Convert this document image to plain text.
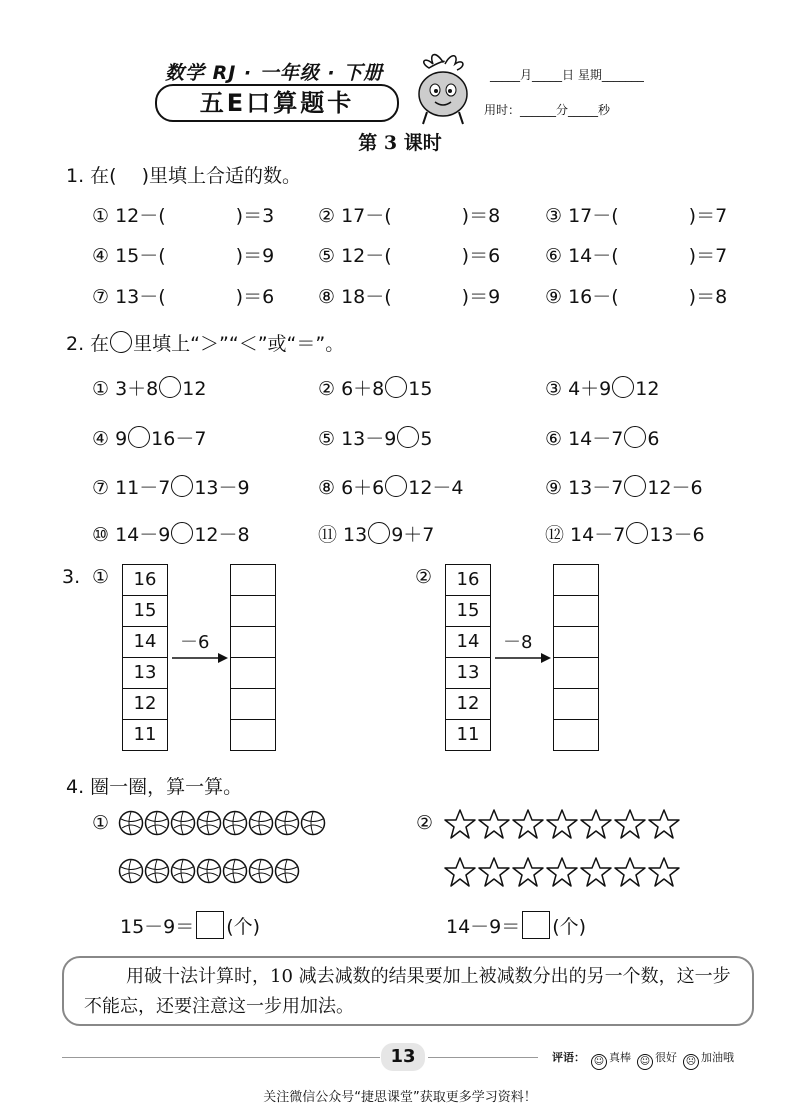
数学 RJ · 一年级 · 下册
五E口算题卡
_____月_____日 星期_______
用时：______分_____秒
第 3 课时
1. 在(　 )里填上合适的数。
① 12－(	)＝3 ② 17－(	)＝8 ③ 17－(	)＝7
④ 15－(	)＝9 ⑤ 12－(	)＝6 ⑥ 14－(	)＝7
⑦ 13－(	)＝6 ⑧ 18－(	)＝9 ⑨ 16－(	)＝8
2. 在 里填上“＞”“＜”或“＝”。
① 3＋8 12	② 6＋8 15	③ 4＋9 12
④ 9 16－7	⑤ 13－9 5	⑥ 14－7 6
⑦ 11－7 13－9	⑧ 6＋6 12－4	⑨ 13－7 12－6
⑩ 14－9 12－8	⑪ 13 9＋7	⑫ 14－7 13－6
3. ①	16
15
14
13
12
11
－6
②	16
15
14
13
12
11
－8
4. 圈一圈，算一算。
①
15－9＝ (个)
②
14－9＝ (个)
用破十法计算时，10 减去减数的结果要加上被减数分出的另一个数，这一步不能忘，还要注意这一步用加法。
13	评语： ☺ 真棒 ☺ 很好 ☹ 加油哦
关注微信公众号“捷思课堂”获取更多学习资料！
